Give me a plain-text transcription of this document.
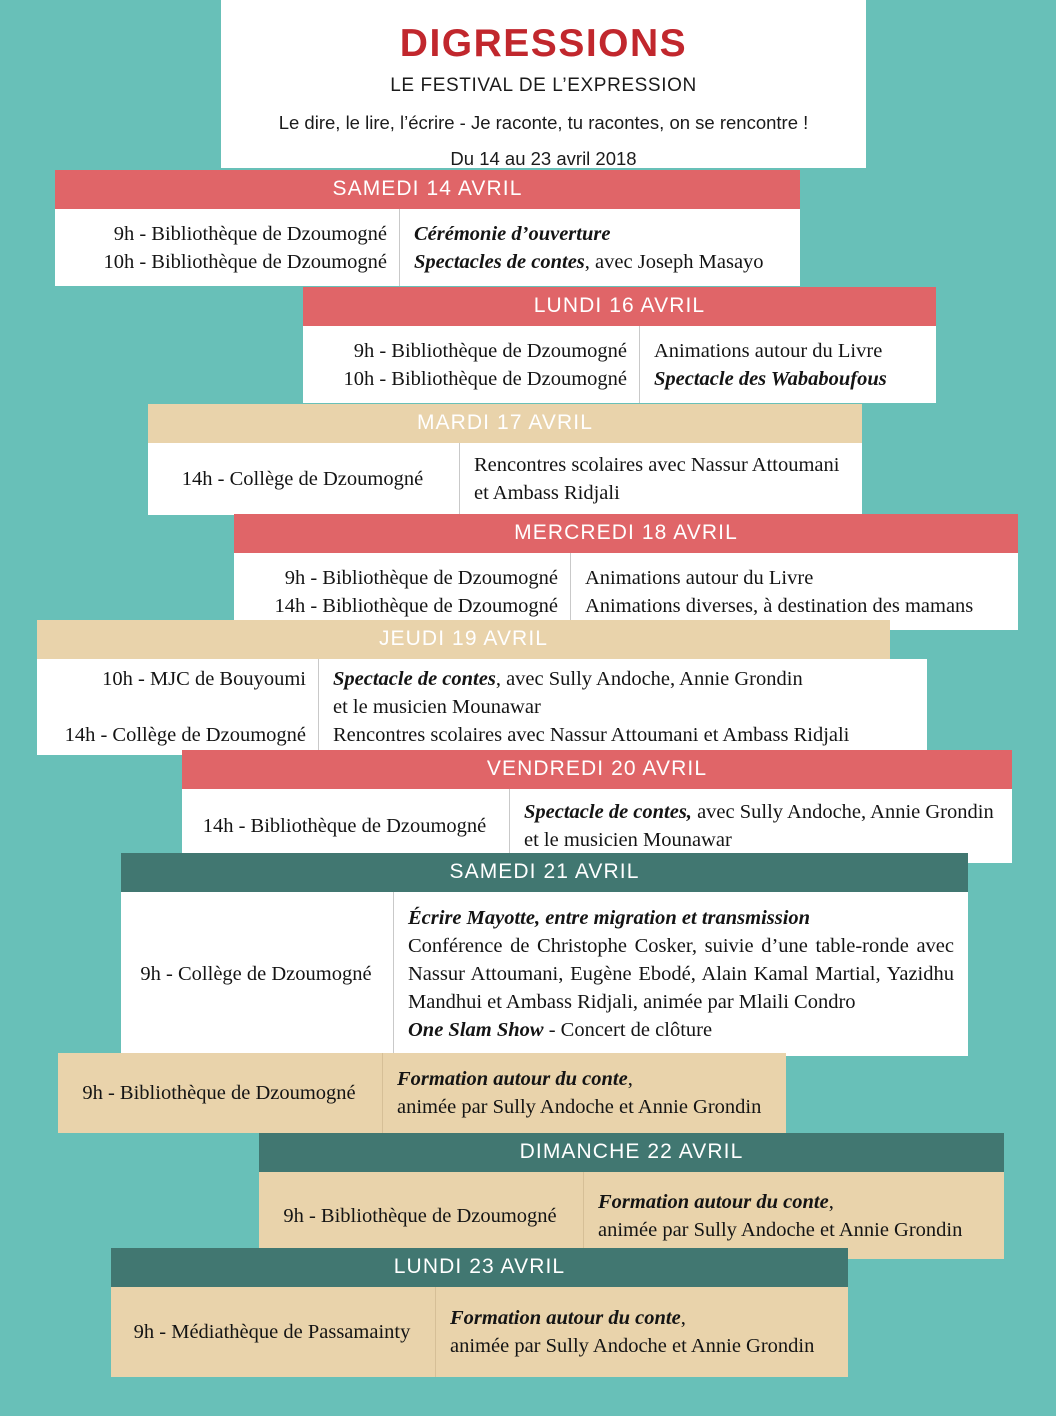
DIGRESSIONS
LE FESTIVAL DE L’EXPRESSION
Le dire, le lire, l’écrire - Je raconte, tu racontes, on se rencontre !
Du 14 au 23 avril 2018
SAMEDI 14 AVRIL
9h - Bibliothèque de Dzoumogné
10h - Bibliothèque de Dzoumogné
Cérémonie d’ouverture
Spectacles de contes, avec Joseph Masayo
LUNDI 16 AVRIL
9h - Bibliothèque de Dzoumogné
10h - Bibliothèque de Dzoumogné
Animations autour du Livre
Spectacle des Wababoufous
MARDI 17 AVRIL
14h - Collège de Dzoumogné
Rencontres scolaires avec Nassur Attoumani
et Ambass Ridjali
MERCREDI 18 AVRIL
9h - Bibliothèque de Dzoumogné
14h - Bibliothèque de Dzoumogné
Animations autour du Livre
Animations diverses, à destination des mamans
JEUDI 19 AVRIL
10h - MJC de Bouyoumi
14h - Collège de Dzoumogné
Spectacle de contes, avec Sully Andoche, Annie Grondin
et le musicien Mounawar
Rencontres scolaires avec Nassur Attoumani et Ambass Ridjali
VENDREDI 20 AVRIL
14h - Bibliothèque de Dzoumogné
Spectacle de contes, avec Sully Andoche, Annie Grondin
et le musicien Mounawar
SAMEDI 21 AVRIL
9h - Collège de Dzoumogné
Écrire Mayotte, entre migration et transmission
Conférence de Christophe Cosker, suivie d’une table-ronde avec Nassur Attoumani, Eugène Ebodé, Alain Kamal Martial, Yazidhu Mandhui et Ambass Ridjali, animée par Mlaili Condro
One Slam Show - Concert de clôture
9h - Bibliothèque de Dzoumogné
Formation autour du conte,
animée par Sully Andoche et Annie Grondin
DIMANCHE 22 AVRIL
9h - Bibliothèque de Dzoumogné
Formation autour du conte,
animée par Sully Andoche et Annie Grondin
LUNDI 23 AVRIL
9h - Médiathèque de Passamainty
Formation autour du conte,
animée par Sully Andoche et Annie Grondin
